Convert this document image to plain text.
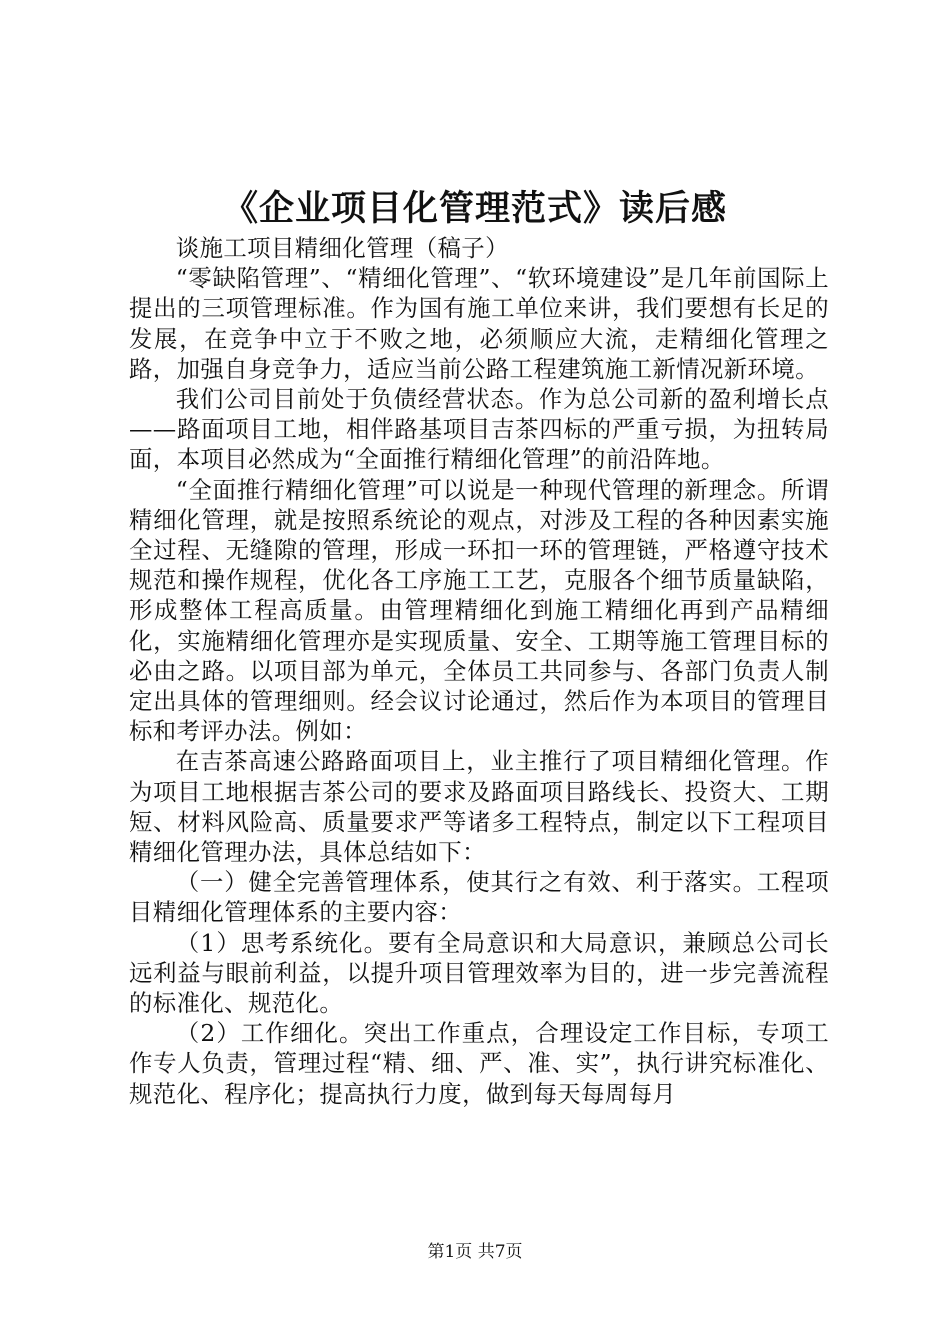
《企业项目化管理范式》读后感

谈施工项目精细化管理（稿子）

“零缺陷管理”、“精细化管理”、“软环境建设”是几年前国际上提出的三项管理标准。作为国有施工单位来讲，我们要想有长足的发展，在竞争中立于不败之地，必须顺应大流，走精细化管理之路，加强自身竞争力，适应当前公路工程建筑施工新情况新环境。

我们公司目前处于负债经营状态。作为总公司新的盈利增长点——路面项目工地，相伴路基项目吉茶四标的严重亏损，为扭转局面，本项目必然成为“全面推行精细化管理”的前沿阵地。

“全面推行精细化管理”可以说是一种现代管理的新理念。所谓精细化管理，就是按照系统论的观点，对涉及工程的各种因素实施全过程、无缝隙的管理，形成一环扣一环的管理链，严格遵守技术规范和操作规程，优化各工序施工工艺，克服各个细节质量缺陷，形成整体工程高质量。由管理精细化到施工精细化再到产品精细化，实施精细化管理亦是实现质量、安全、工期等施工管理目标的必由之路。以项目部为单元，全体员工共同参与、各部门负责人制定出具体的管理细则。经会议讨论通过，然后作为本项目的管理目标和考评办法。例如：

在吉茶高速公路路面项目上，业主推行了项目精细化管理。作为项目工地根据吉茶公司的要求及路面项目路线长、投资大、工期短、材料风险高、质量要求严等诸多工程特点，制定以下工程项目精细化管理办法，具体总结如下：

（一）健全完善管理体系，使其行之有效、利于落实。工程项目精细化管理体系的主要内容：

（1）思考系统化。要有全局意识和大局意识，兼顾总公司长远利益与眼前利益，以提升项目管理效率为目的，进一步完善流程的标准化、规范化。

（2）工作细化。突出工作重点，合理设定工作目标，专项工作专人负责，管理过程“精、细、严、准、实”，执行讲究标准化、规范化、程序化；提高执行力度，做到每天每周每月

第1页 共7页
